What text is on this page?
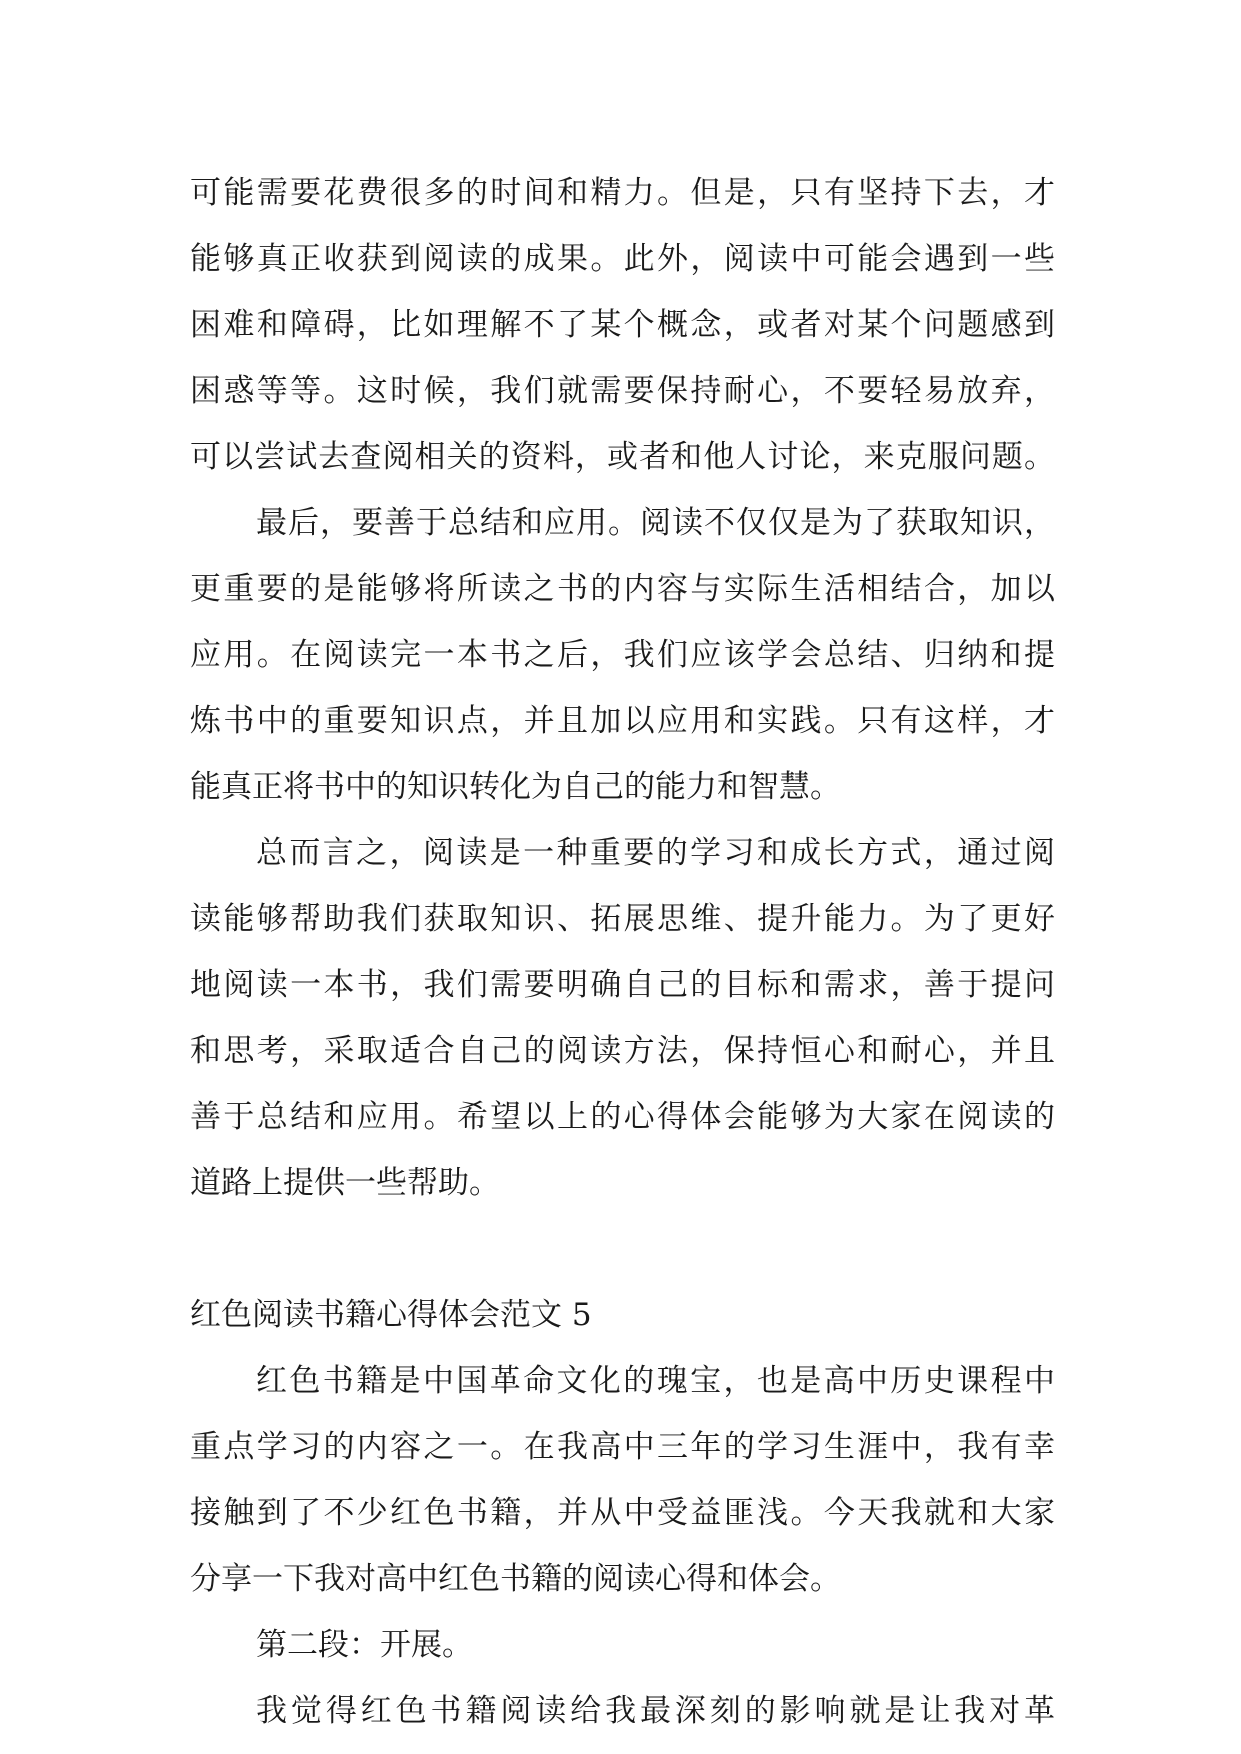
可能需要花费很多的时间和精力。但是，只有坚持下去，才
能够真正收获到阅读的成果。此外，阅读中可能会遇到一些
困难和障碍，比如理解不了某个概念，或者对某个问题感到
困惑等等。这时候，我们就需要保持耐心，不要轻易放弃，
可以尝试去查阅相关的资料，或者和他人讨论，来克服问题。
最后，要善于总结和应用。阅读不仅仅是为了获取知识，
更重要的是能够将所读之书的内容与实际生活相结合，加以
应用。在阅读完一本书之后，我们应该学会总结、归纳和提
炼书中的重要知识点，并且加以应用和实践。只有这样，才
能真正将书中的知识转化为自己的能力和智慧。
总而言之，阅读是一种重要的学习和成长方式，通过阅
读能够帮助我们获取知识、拓展思维、提升能力。为了更好
地阅读一本书，我们需要明确自己的目标和需求，善于提问
和思考，采取适合自己的阅读方法，保持恒心和耐心，并且
善于总结和应用。希望以上的心得体会能够为大家在阅读的
道路上提供一些帮助。
红色阅读书籍心得体会范文 5
红色书籍是中国革命文化的瑰宝，也是高中历史课程中
重点学习的内容之一。在我高中三年的学习生涯中，我有幸
接触到了不少红色书籍，并从中受益匪浅。今天我就和大家
分享一下我对高中红色书籍的阅读心得和体会。
第二段：开展。
我觉得红色书籍阅读给我最深刻的影响就是让我对革
